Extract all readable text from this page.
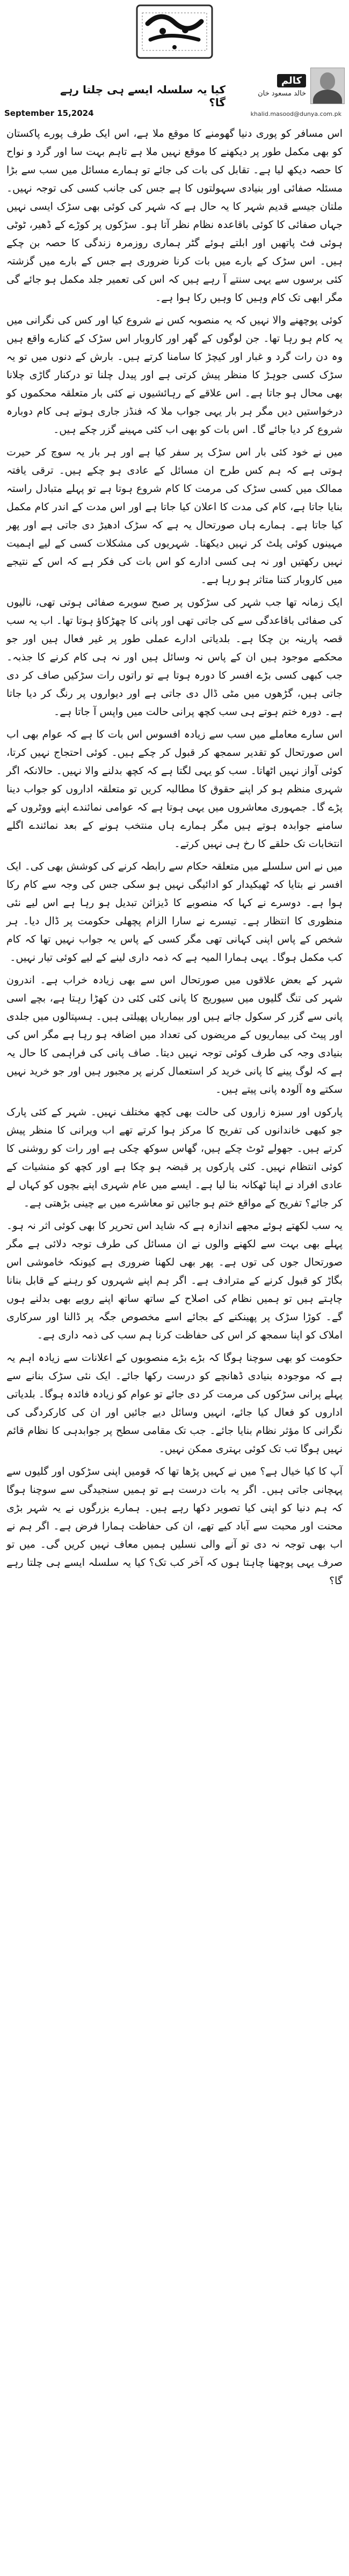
کالم
خالد مسعود خان
کیا یہ سلسلہ ایسے ہی چلتا رہے گا؟
September 15,2024	khalid.masood@dunya.com.pk

اس مسافر کو پوری دنیا گھومنے کا موقع ملا ہے، اس ایک طرف پورے پاکستان کو بھی مکمل طور پر دیکھنے کا موقع نہیں ملا ہے تاہم بہت سا اور گرد و نواح کا حصہ دیکھ لیا ہے۔ تقابل کی بات کی جائے تو ہمارے مسائل میں سب سے بڑا مسئلہ صفائی اور بنیادی سہولتوں کا ہے جس کی جانب کسی کی توجہ نہیں۔ ملتان جیسے قدیم شہر کا یہ حال ہے کہ شہر کی کوئی بھی سڑک ایسی نہیں جہاں صفائی کا کوئی باقاعدہ نظام نظر آتا ہو۔ سڑکوں پر کوڑے کے ڈھیر، ٹوٹی ہوئی فٹ پاتھیں اور ابلتے ہوئے گٹر ہماری روزمرہ زندگی کا حصہ بن چکے ہیں۔ اس سڑک کے بارے میں بات کرنا ضروری ہے جس کے بارے میں گزشتہ کئی برسوں سے یہی سنتے آ رہے ہیں کہ اس کی تعمیر جلد مکمل ہو جائے گی مگر ابھی تک کام وہیں کا وہیں رکا ہوا ہے۔

کوئی پوچھنے والا نہیں کہ یہ منصوبہ کس نے شروع کیا اور کس کی نگرانی میں یہ کام ہو رہا تھا۔ جن لوگوں کے گھر اور کاروبار اس سڑک کے کنارے واقع ہیں وہ دن رات گرد و غبار اور کیچڑ کا سامنا کرتے ہیں۔ بارش کے دنوں میں تو یہ سڑک کسی جوہڑ کا منظر پیش کرتی ہے اور پیدل چلنا تو درکنار گاڑی چلانا بھی محال ہو جاتا ہے۔ اس علاقے کے رہائشیوں نے کئی بار متعلقہ محکموں کو درخواستیں دیں مگر ہر بار یہی جواب ملا کہ فنڈز جاری ہوتے ہی کام دوبارہ شروع کر دیا جائے گا۔ اس بات کو بھی اب کئی مہینے گزر چکے ہیں۔

میں نے خود کئی بار اس سڑک پر سفر کیا ہے اور ہر بار یہ سوچ کر حیرت ہوتی ہے کہ ہم کس طرح ان مسائل کے عادی ہو چکے ہیں۔ ترقی یافتہ ممالک میں کسی سڑک کی مرمت کا کام شروع ہوتا ہے تو پہلے متبادل راستہ بنایا جاتا ہے، کام کی مدت کا اعلان کیا جاتا ہے اور اس مدت کے اندر کام مکمل کیا جاتا ہے۔ ہمارے ہاں صورتحال یہ ہے کہ سڑک ادھیڑ دی جاتی ہے اور پھر مہینوں کوئی پلٹ کر نہیں دیکھتا۔ شہریوں کی مشکلات کسی کے لیے اہمیت نہیں رکھتیں اور نہ ہی کسی ادارے کو اس بات کی فکر ہے کہ اس کے نتیجے میں کاروبار کتنا متاثر ہو رہا ہے۔

ایک زمانہ تھا جب شہر کی سڑکوں پر صبح سویرے صفائی ہوتی تھی، نالیوں کی صفائی باقاعدگی سے کی جاتی تھی اور پانی کا چھڑکاؤ ہوتا تھا۔ اب یہ سب قصہ پارینہ بن چکا ہے۔ بلدیاتی ادارے عملی طور پر غیر فعال ہیں اور جو محکمے موجود ہیں ان کے پاس نہ وسائل ہیں اور نہ ہی کام کرنے کا جذبہ۔ جب کبھی کسی بڑے افسر کا دورہ ہوتا ہے تو راتوں رات سڑکیں صاف کر دی جاتی ہیں، گڑھوں میں مٹی ڈال دی جاتی ہے اور دیواروں پر رنگ کر دیا جاتا ہے۔ دورہ ختم ہوتے ہی سب کچھ پرانی حالت میں واپس آ جاتا ہے۔

اس سارے معاملے میں سب سے زیادہ افسوس اس بات کا ہے کہ عوام بھی اب اس صورتحال کو تقدیر سمجھ کر قبول کر چکے ہیں۔ کوئی احتجاج نہیں کرتا، کوئی آواز نہیں اٹھاتا۔ سب کو یہی لگتا ہے کہ کچھ بدلنے والا نہیں۔ حالانکہ اگر شہری منظم ہو کر اپنے حقوق کا مطالبہ کریں تو متعلقہ اداروں کو جواب دینا پڑے گا۔ جمہوری معاشروں میں یہی ہوتا ہے کہ عوامی نمائندے اپنے ووٹروں کے سامنے جوابدہ ہوتے ہیں مگر ہمارے ہاں منتخب ہونے کے بعد نمائندے اگلے انتخابات تک حلقے کا رخ ہی نہیں کرتے۔

میں نے اس سلسلے میں متعلقہ حکام سے رابطہ کرنے کی کوشش بھی کی۔ ایک افسر نے بتایا کہ ٹھیکیدار کو ادائیگی نہیں ہو سکی جس کی وجہ سے کام رکا ہوا ہے۔ دوسرے نے کہا کہ منصوبے کا ڈیزائن تبدیل ہو رہا ہے اس لیے نئی منظوری کا انتظار ہے۔ تیسرے نے سارا الزام پچھلی حکومت پر ڈال دیا۔ ہر شخص کے پاس اپنی کہانی تھی مگر کسی کے پاس یہ جواب نہیں تھا کہ کام کب مکمل ہوگا۔ یہی ہمارا المیہ ہے کہ ذمہ داری لینے کے لیے کوئی تیار نہیں۔

شہر کے بعض علاقوں میں صورتحال اس سے بھی زیادہ خراب ہے۔ اندرون شہر کی تنگ گلیوں میں سیوریج کا پانی کئی کئی دن کھڑا رہتا ہے، بچے اسی پانی سے گزر کر سکول جاتے ہیں اور بیماریاں پھیلتی ہیں۔ ہسپتالوں میں جلدی اور پیٹ کی بیماریوں کے مریضوں کی تعداد میں اضافہ ہو رہا ہے مگر اس کی بنیادی وجہ کی طرف کوئی توجہ نہیں دیتا۔ صاف پانی کی فراہمی کا حال یہ ہے کہ لوگ پینے کا پانی خرید کر استعمال کرنے پر مجبور ہیں اور جو خرید نہیں سکتے وہ آلودہ پانی پیتے ہیں۔

پارکوں اور سبزہ زاروں کی حالت بھی کچھ مختلف نہیں۔ شہر کے کئی پارک جو کبھی خاندانوں کی تفریح کا مرکز ہوا کرتے تھے اب ویرانی کا منظر پیش کرتے ہیں۔ جھولے ٹوٹ چکے ہیں، گھاس سوکھ چکی ہے اور رات کو روشنی کا کوئی انتظام نہیں۔ کئی پارکوں پر قبضہ ہو چکا ہے اور کچھ کو منشیات کے عادی افراد نے اپنا ٹھکانہ بنا لیا ہے۔ ایسے میں عام شہری اپنے بچوں کو کہاں لے کر جائے؟ تفریح کے مواقع ختم ہو جائیں تو معاشرے میں بے چینی بڑھتی ہے۔

یہ سب لکھتے ہوئے مجھے اندازہ ہے کہ شاید اس تحریر کا بھی کوئی اثر نہ ہو۔ پہلے بھی بہت سے لکھنے والوں نے ان مسائل کی طرف توجہ دلائی ہے مگر صورتحال جوں کی توں ہے۔ پھر بھی لکھنا ضروری ہے کیونکہ خاموشی اس بگاڑ کو قبول کرنے کے مترادف ہے۔ اگر ہم اپنے شہروں کو رہنے کے قابل بنانا چاہتے ہیں تو ہمیں نظام کی اصلاح کے ساتھ ساتھ اپنے رویے بھی بدلنے ہوں گے۔ کوڑا سڑک پر پھینکنے کے بجائے اسے مخصوص جگہ پر ڈالنا اور سرکاری املاک کو اپنا سمجھ کر اس کی حفاظت کرنا ہم سب کی ذمہ داری ہے۔

حکومت کو بھی سوچنا ہوگا کہ بڑے بڑے منصوبوں کے اعلانات سے زیادہ اہم یہ ہے کہ موجودہ بنیادی ڈھانچے کو درست رکھا جائے۔ ایک نئی سڑک بنانے سے پہلے پرانی سڑکوں کی مرمت کر دی جائے تو عوام کو زیادہ فائدہ ہوگا۔ بلدیاتی اداروں کو فعال کیا جائے، انہیں وسائل دیے جائیں اور ان کی کارکردگی کی نگرانی کا مؤثر نظام بنایا جائے۔ جب تک مقامی سطح پر جوابدہی کا نظام قائم نہیں ہوگا تب تک کوئی بہتری ممکن نہیں۔

آپ کا کیا خیال ہے؟ میں نے کہیں پڑھا تھا کہ قومیں اپنی سڑکوں اور گلیوں سے پہچانی جاتی ہیں۔ اگر یہ بات درست ہے تو ہمیں سنجیدگی سے سوچنا ہوگا کہ ہم دنیا کو اپنی کیا تصویر دکھا رہے ہیں۔ ہمارے بزرگوں نے یہ شہر بڑی محنت اور محبت سے آباد کیے تھے، ان کی حفاظت ہمارا فرض ہے۔ اگر ہم نے اب بھی توجہ نہ دی تو آنے والی نسلیں ہمیں معاف نہیں کریں گی۔ میں تو صرف یہی پوچھنا چاہتا ہوں کہ آخر کب تک؟ کیا یہ سلسلہ ایسے ہی چلتا رہے گا؟
